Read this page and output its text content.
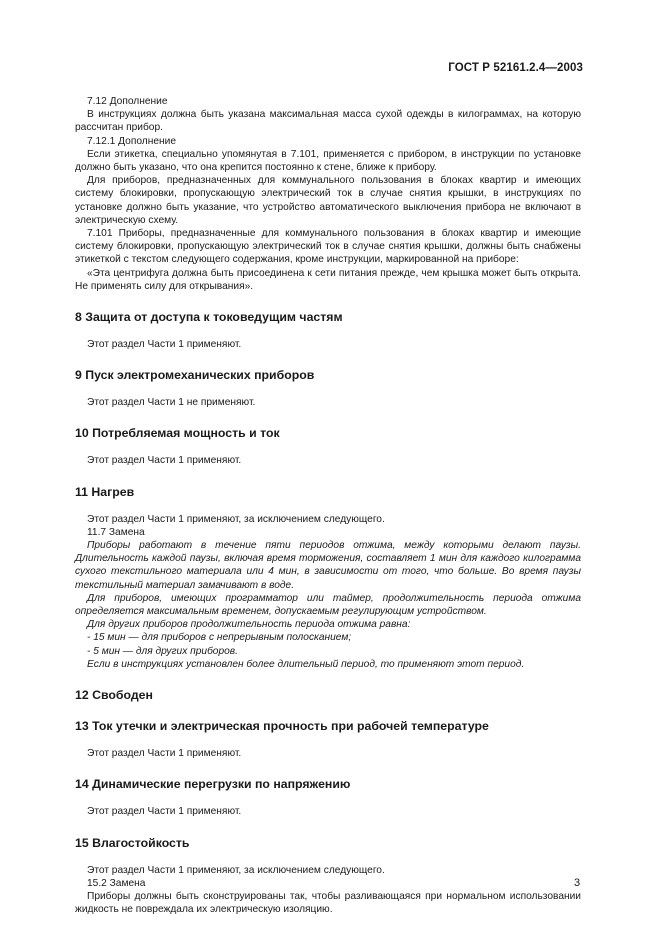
ГОСТ Р 52161.2.4—2003

7.12 Дополнение

В инструкциях должна быть указана максимальная масса сухой одежды в килограммах, на которую рассчитан прибор.

7.12.1 Дополнение

Если этикетка, специально упомянутая в 7.101, применяется с прибором, в инструкции по установке должно быть указано, что она крепится постоянно к стене, ближе к прибору.

Для приборов, предназначенных для коммунального пользования в блоках квартир и имеющих систему блокировки, пропускающую электрический ток в случае снятия крышки, в инструкциях по установке должно быть указание, что устройство автоматического выключения прибора не включают в электрическую схему.

7.101 Приборы, предназначенные для коммунального пользования в блоках квартир и имеющие систему блокировки, пропускающую электрический ток в случае снятия крышки, должны быть снабжены этикеткой с текстом следующего содержания, кроме инструкции, маркированной на приборе:

«Эта центрифуга должна быть присоединена к сети питания прежде, чем крышка может быть открыта. Не применять силу для открывания».

8 Защита от доступа к токоведущим частям

Этот раздел Части 1 применяют.

9 Пуск электромеханических приборов

Этот раздел Части 1 не применяют.

10 Потребляемая мощность и ток

Этот раздел Части 1 применяют.

11 Нагрев

Этот раздел Части 1 применяют, за исключением следующего.

11.7 Замена

Приборы работают в течение пяти периодов отжима, между которыми делают паузы. Длительность каждой паузы, включая время торможения, составляет 1 мин для каждого килограмма сухого текстильного материала или 4 мин, в зависимости от того, что больше. Во время паузы текстильный материал замачивают в воде.

Для приборов, имеющих программатор или таймер, продолжительность периода отжима определяется максимальным временем, допускаемым регулирующим устройством.

Для других приборов продолжительность периода отжима равна:

- 15 мин — для приборов с непрерывным полосканием;

- 5 мин — для других приборов.

Если в инструкциях установлен более длительный период, то применяют этот период.

12 Свободен
13 Ток утечки и электрическая прочность при рабочей температуре

Этот раздел Части 1 применяют.

14 Динамические перегрузки по напряжению

Этот раздел Части 1 применяют.

15 Влагостойкость

Этот раздел Части 1 применяют, за исключением следующего.

15.2 Замена

Приборы должны быть сконструированы так, чтобы разливающаяся при нормальном использовании жидкость не повреждала их электрическую изоляцию.

3
